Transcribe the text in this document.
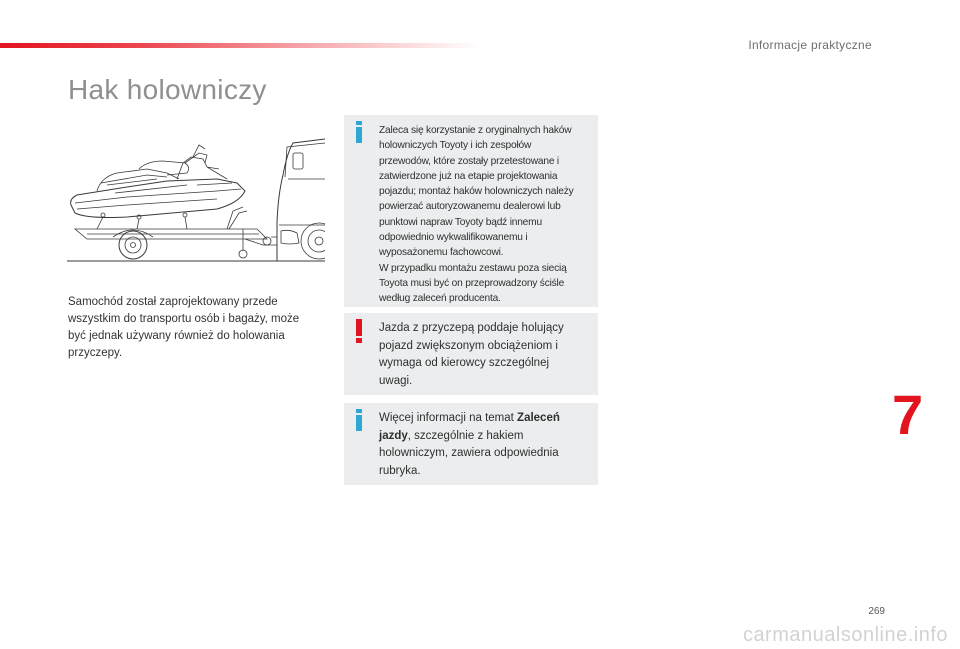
Informacje praktyczne
Hak holowniczy
Samochód został zaprojektowany przede wszystkim do transportu osób i bagaży, może być jednak używany również do holowania przyczepy.
Zaleca się korzystanie z oryginalnych haków holowniczych Toyoty i ich zespołów przewodów, które zostały przetestowane i zatwierdzone już na etapie projektowania pojazdu; montaż haków holowniczych należy powierzać autoryzowanemu dealerowi lub punktowi napraw Toyoty bądź innemu odpowiednio wykwalifikowanemu i wyposażonemu fachowcowi.
W przypadku montażu zestawu poza siecią Toyota musi być on przeprowadzony ściśle według zaleceń producenta.
Jazda z przyczepą poddaje holujący pojazd zwiększonym obciążeniom i wymaga od kierowcy szczególnej uwagi.
Więcej informacji na temat Zaleceń jazdy, szczególnie z hakiem holowniczym, zawiera odpowiednia rubryka.
7
269
carmanualsonline.info
